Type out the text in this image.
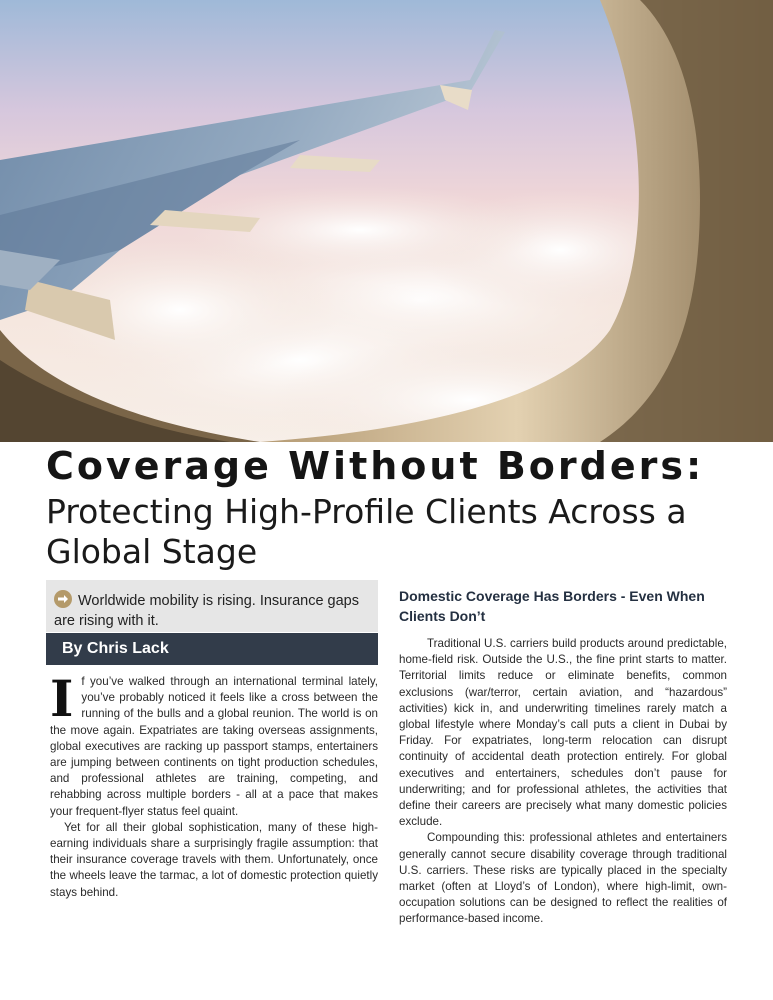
Coverage Without Borders:
Protecting High-Profile Clients Across a Global Stage
Worldwide mobility is rising. Insurance gaps are rising with it.
By Chris Lack

If you’ve walked through an international terminal lately, you’ve probably noticed it feels like a cross between the running of the bulls and a global reunion. The world is on the move again. Expatriates are taking overseas assignments, global executives are racking up passport stamps, entertainers are jumping between continents on tight production schedules, and professional athletes are training, competing, and rehabbing across multiple borders - all at a pace that makes your frequent-flyer status feel quaint.

Yet for all their global sophistication, many of these high-earning individuals share a surprisingly fragile assumption: that their insurance coverage travels with them. Unfortunately, once the wheels leave the tarmac, a lot of domestic protection quietly stays behind.

Domestic Coverage Has Borders - Even When Clients Don’t

Traditional U.S. carriers build products around predictable, home-field risk. Outside the U.S., the fine print starts to matter. Territorial limits reduce or eliminate benefits, common exclusions (war/terror, certain aviation, and “hazardous” activities) kick in, and underwriting timelines rarely match a global lifestyle where Monday’s call puts a client in Dubai by Friday. For expatriates, long-term relocation can disrupt continuity of accidental death protection entirely. For global executives and entertainers, schedules don’t pause for underwriting; and for professional athletes, the activities that define their careers are precisely what many domestic policies exclude.

Compounding this: professional athletes and entertainers generally cannot secure disability coverage through traditional U.S. carriers. These risks are typically placed in the specialty market (often at Lloyd’s of London), where high-limit, own-occupation solutions can be designed to reflect the realities of performance-based income.
